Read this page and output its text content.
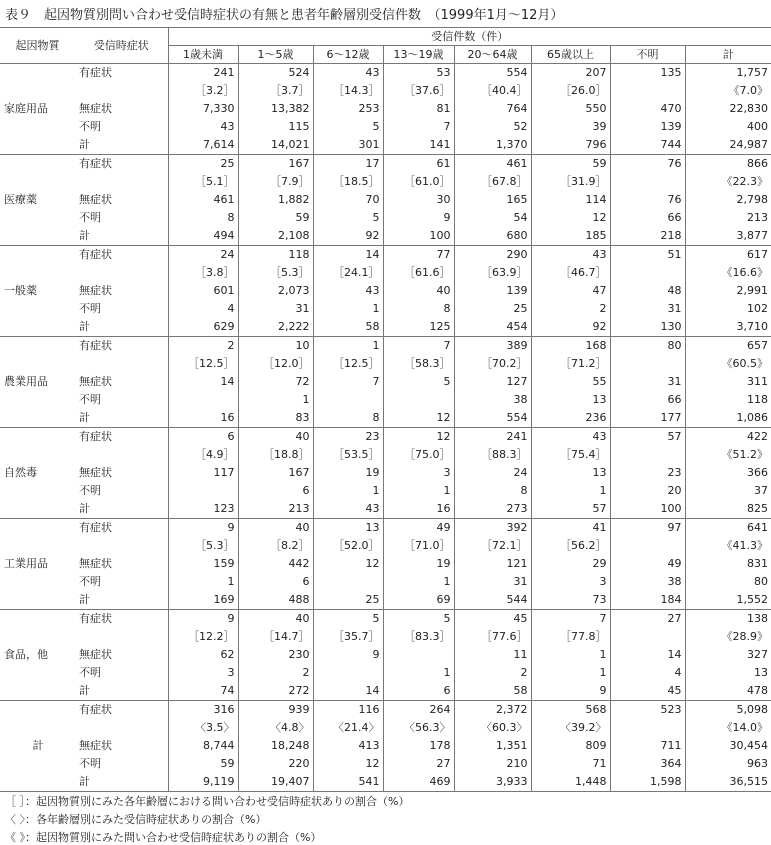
表９　起因物質別問い合わせ受信時症状の有無と患者年齢層別受信件数　（1999年1月～12月）
起因物質	受信時症状	受信件数（件）							
		1歳未満	1～5歳	6～12歳	13～19歳	20～64歳	65歳以上	不明	計
	有症状	241	524	43	53	554	207	135	1,757
		［3.2］	［3.7］	［14.3］	［37.6］	［40.4］	［26.0］		《7.0》
家庭用品	無症状	7,330	13,382	253	81	764	550	470	22,830
	不明	43	115	5	7	52	39	139	400
	計	7,614	14,021	301	141	1,370	796	744	24,987
	有症状	25	167	17	61	461	59	76	866
		［5.1］	［7.9］	［18.5］	［61.0］	［67.8］	［31.9］		《22.3》
医療薬	無症状	461	1,882	70	30	165	114	76	2,798
	不明	8	59	5	9	54	12	66	213
	計	494	2,108	92	100	680	185	218	3,877
	有症状	24	118	14	77	290	43	51	617
		［3.8］	［5.3］	［24.1］	［61.6］	［63.9］	［46.7］		《16.6》
一般薬	無症状	601	2,073	43	40	139	47	48	2,991
	不明	4	31	1	8	25	2	31	102
	計	629	2,222	58	125	454	92	130	3,710
	有症状	2	10	1	7	389	168	80	657
		［12.5］	［12.0］	［12.5］	［58.3］	［70.2］	［71.2］		《60.5》
農業用品	無症状	14	72	7	5	127	55	31	311
	不明		1			38	13	66	118
	計	16	83	8	12	554	236	177	1,086
	有症状	6	40	23	12	241	43	57	422
		［4.9］	［18.8］	［53.5］	［75.0］	［88.3］	［75.4］		《51.2》
自然毒	無症状	117	167	19	3	24	13	23	366
	不明		6	1	1	8	1	20	37
	計	123	213	43	16	273	57	100	825
	有症状	9	40	13	49	392	41	97	641
		［5.3］	［8.2］	［52.0］	［71.0］	［72.1］	［56.2］		《41.3》
工業用品	無症状	159	442	12	19	121	29	49	831
	不明	1	6		1	31	3	38	80
	計	169	488	25	69	544	73	184	1,552
	有症状	9	40	5	5	45	7	27	138
		［12.2］	［14.7］	［35.7］	［83.3］	［77.6］	［77.8］		《28.9》
食品，他	無症状	62	230	9		11	1	14	327
	不明	3	2		1	2	1	4	13
	計	74	272	14	6	58	9	45	478
	有症状	316	939	116	264	2,372	568	523	5,098
		〈3.5〉	〈4.8〉	〈21.4〉	〈56.3〉	〈60.3〉	〈39.2〉		《14.0》
計	無症状	8,744	18,248	413	178	1,351	809	711	30,454
	不明	59	220	12	27	210	71	364	963
	計	9,119	19,407	541	469	3,933	1,448	1,598	36,515
［ ］：起因物質別にみた各年齢層における問い合わせ受信時症状ありの割合（%）
〈 〉：各年齢層別にみた受信時症状ありの割合（%）
《 》：起因物質別にみた問い合わせ受信時症状ありの割合（%）
